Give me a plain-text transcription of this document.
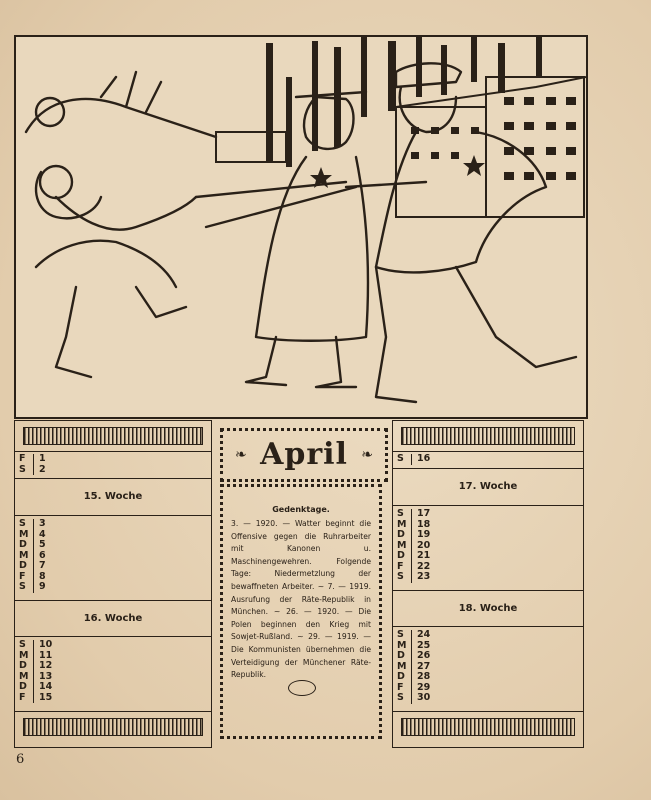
F	1
S	2
15. Woche
S	3
M	4
D	5
M	6
D	7
F	8
S	9
16. Woche
S	10
M	11
D	12
M	13
D	14
F	15
❧ April ❧
Gedenktage.
3. — 1920. — Watter beginnt die Offensive gegen die Ruhrarbeiter mit Kanonen u. Maschinengewehren. Folgende Tage: Niedermetzlung der bewaffneten Arbeiter. ~ 7. — 1919. Ausrufung der Räte-Republik in München. ~ 26. — 1920. — Die Polen beginnen den Krieg mit Sowjet-Rußland. ~ 29. — 1919. — Die Kommunisten übernehmen die Verteidigung der Münchener Räte-Republik.
S	16
17. Woche
S	17
M	18
D	19
M	20
D	21
F	22
S	23
18. Woche
S	24
M	25
D	26
M	27
D	28
F	29
S	30
6
